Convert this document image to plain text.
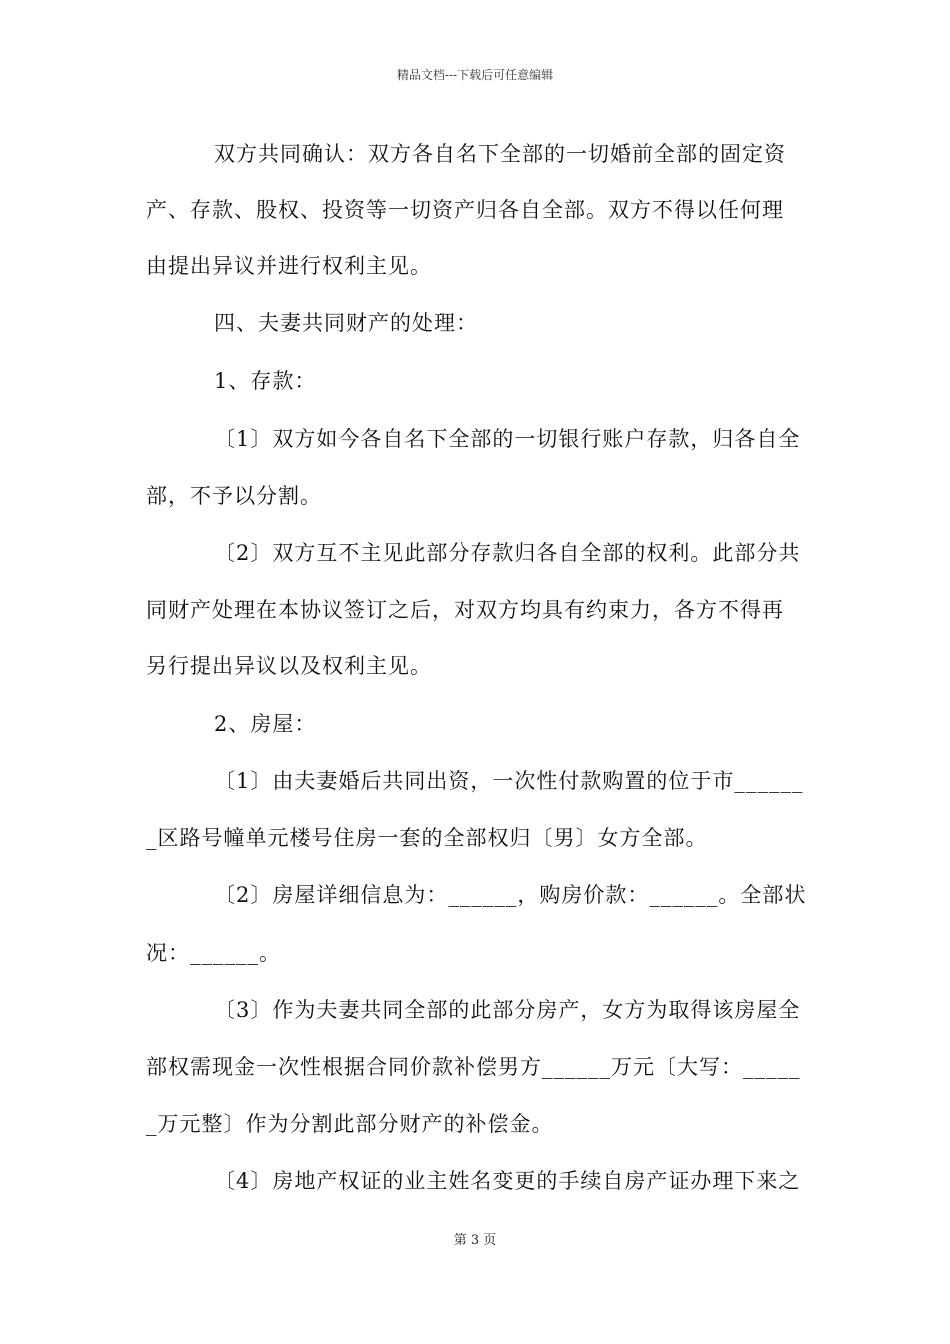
精品文档---下载后可任意编辑
双方共同确认：双方各自名下全部的一切婚前全部的固定资
产、存款、股权、投资等一切资产归各自全部。双方不得以任何理
由提出异议并进行权利主见。
四、夫妻共同财产的处理：
1、存款：
〔1〕双方如今各自名下全部的一切银行账户存款，归各自全
部，不予以分割。
〔2〕双方互不主见此部分存款归各自全部的权利。此部分共
同财产处理在本协议签订之后，对双方均具有约束力，各方不得再
另行提出异议以及权利主见。
2、房屋：
〔1〕由夫妻婚后共同出资，一次性付款购置的位于市______
_区路号幢单元楼号住房一套的全部权归〔男〕女方全部。
〔2〕房屋详细信息为：______，购房价款：______。全部状
况：______。
〔3〕作为夫妻共同全部的此部分房产，女方为取得该房屋全
部权需现金一次性根据合同价款补偿男方______万元〔大写：_____
_万元整〕作为分割此部分财产的补偿金。
〔4〕房地产权证的业主姓名变更的手续自房产证办理下来之
第 3 页
